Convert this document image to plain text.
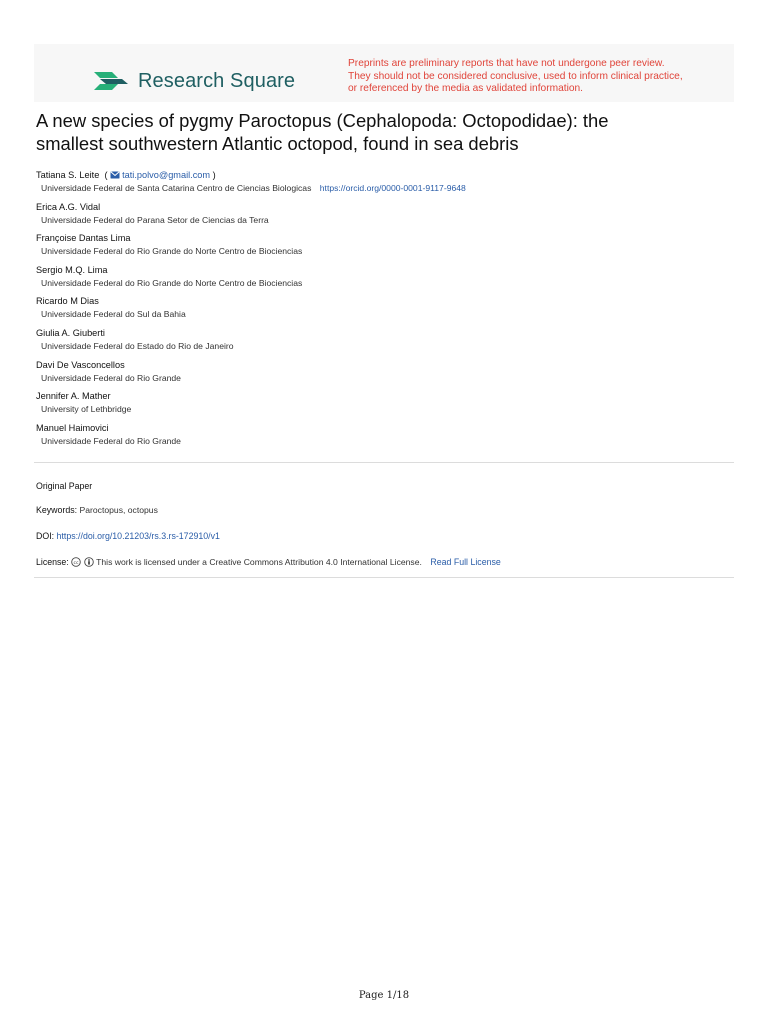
Research Square
Preprints are preliminary reports that have not undergone peer review.
They should not be considered conclusive, used to inform clinical practice,
or referenced by the media as validated information.
A new species of pygmy Paroctopus (Cephalopoda: Octopodidae): the
smallest southwestern Atlantic octopod, found in sea debris
Tatiana S. Leite  ( tati.polvo@gmail.com )
Universidade Federal de Santa Catarina Centro de Ciencias Biologicas https://orcid.org/0000-0001-9117-9648
Erica A.G. Vidal
Universidade Federal do Parana Setor de Ciencias da Terra
Françoise Dantas Lima
Universidade Federal do Rio Grande do Norte Centro de Biociencias
Sergio M.Q. Lima
Universidade Federal do Rio Grande do Norte Centro de Biociencias
Ricardo M Dias
Universidade Federal do Sul da Bahia
Giulia A. Giuberti
Universidade Federal do Estado do Rio de Janeiro
Davi De Vasconcellos
Universidade Federal do Rio Grande
Jennifer A. Mather
University of Lethbridge
Manuel Haimovici
Universidade Federal do Rio Grande
Original Paper
Keywords: Paroctopus, octopus
DOI: https://doi.org/10.21203/rs.3.rs-172910/v1
License: cc This work is licensed under a Creative Commons Attribution 4.0 International License. Read Full License
Page 1/18
